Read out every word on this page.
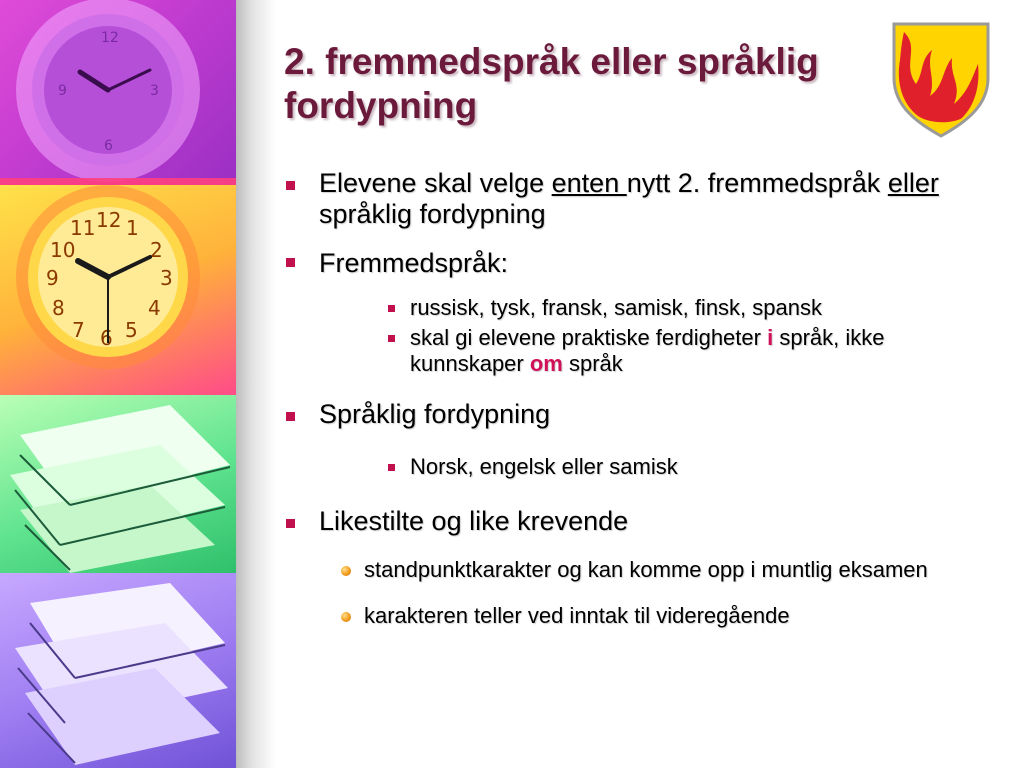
12
3
6
9
12
2
3
4
5
6
7
8
9
10
11 1
2. fremmedspråk eller språklig fordypning
Elevene skal velge enten nytt 2. fremmedspråk eller språklig fordypning
Fremmedspråk:
russisk, tysk, fransk, samisk, finsk, spansk
skal gi elevene praktiske ferdigheter i språk, ikke kunnskaper om språk
Språklig fordypning
Norsk, engelsk eller samisk
Likestilte og like krevende
standpunktkarakter og kan komme opp i muntlig eksamen
karakteren teller ved inntak til videregående
